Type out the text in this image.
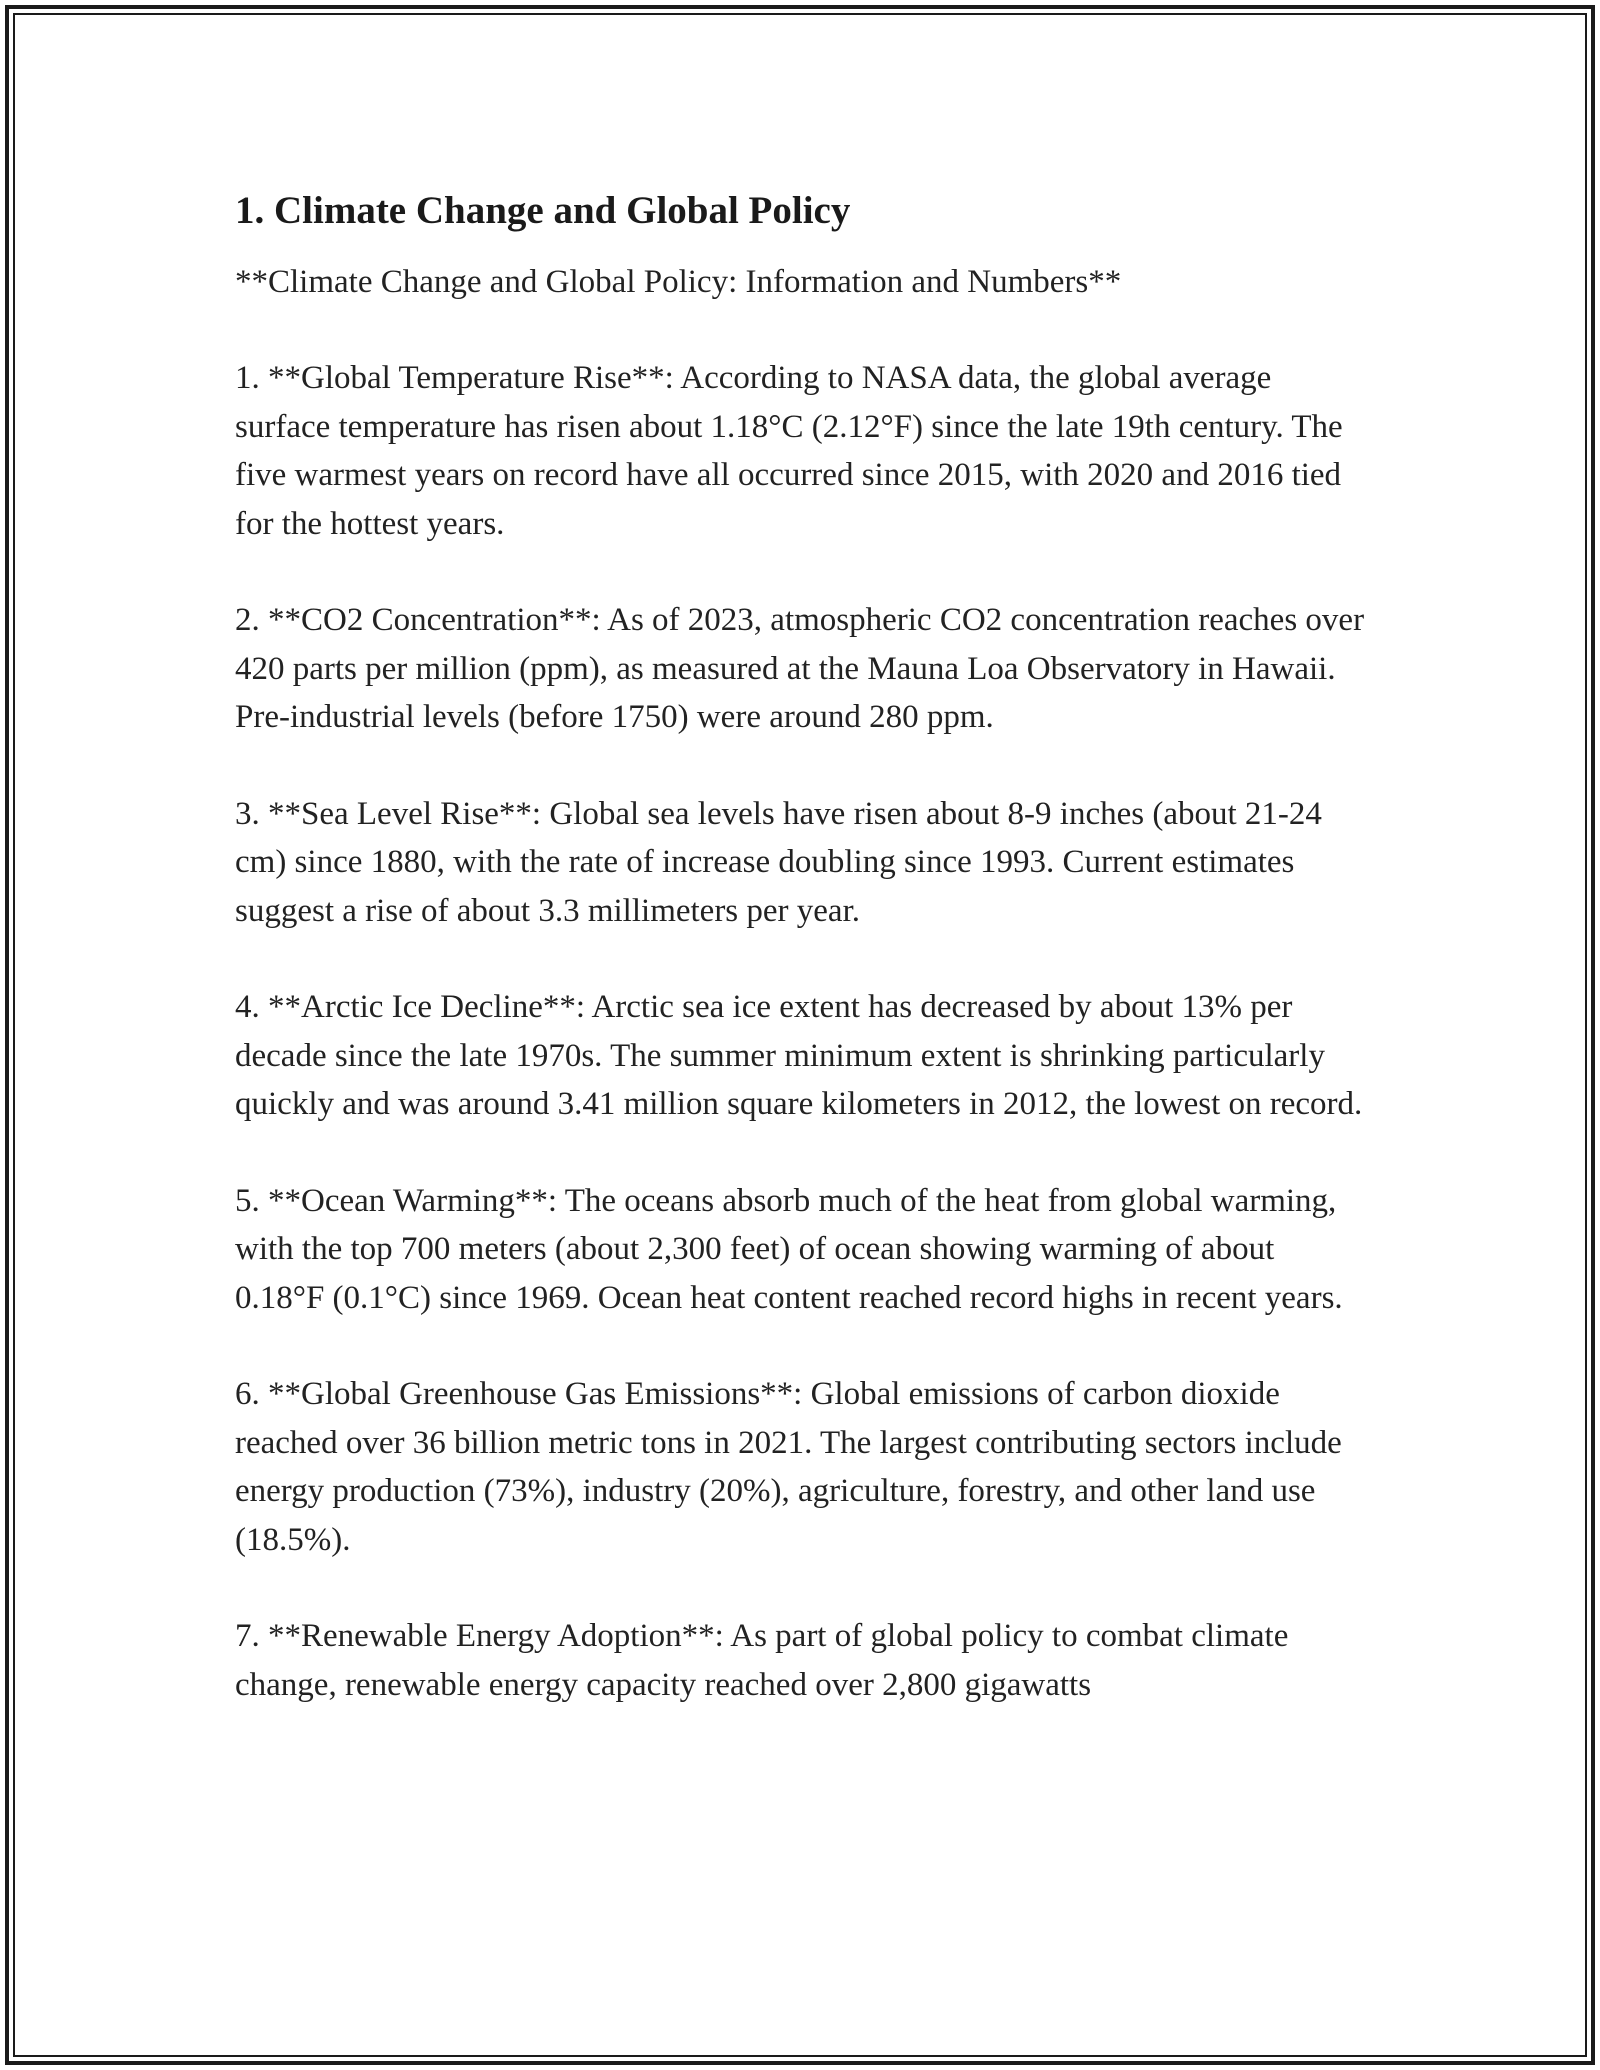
1. Climate Change and Global Policy

**Climate Change and Global Policy: Information and Numbers**

1. **Global Temperature Rise**: According to NASA data, the global average surface temperature has risen about 1.18°C (2.12°F) since the late 19th century. The five warmest years on record have all occurred since 2015, with 2020 and 2016 tied for the hottest years.

2. **CO2 Concentration**: As of 2023, atmospheric CO2 concentration reaches over 420 parts per million (ppm), as measured at the Mauna Loa Observatory in Hawaii. Pre-industrial levels (before 1750) were around 280 ppm.

3. **Sea Level Rise**: Global sea levels have risen about 8-9 inches (about 21-24 cm) since 1880, with the rate of increase doubling since 1993. Current estimates suggest a rise of about 3.3 millimeters per year.

4. **Arctic Ice Decline**: Arctic sea ice extent has decreased by about 13% per decade since the late 1970s. The summer minimum extent is shrinking particularly quickly and was around 3.41 million square kilometers in 2012, the lowest on record.

5. **Ocean Warming**: The oceans absorb much of the heat from global warming, with the top 700 meters (about 2,300 feet) of ocean showing warming of about 0.18°F (0.1°C) since 1969. Ocean heat content reached record highs in recent years.

6. **Global Greenhouse Gas Emissions**: Global emissions of carbon dioxide reached over 36 billion metric tons in 2021. The largest contributing sectors include energy production (73%), industry (20%), agriculture, forestry, and other land use (18.5%).

7. **Renewable Energy Adoption**: As part of global policy to combat climate change, renewable energy capacity reached over 2,800 gigawatts
